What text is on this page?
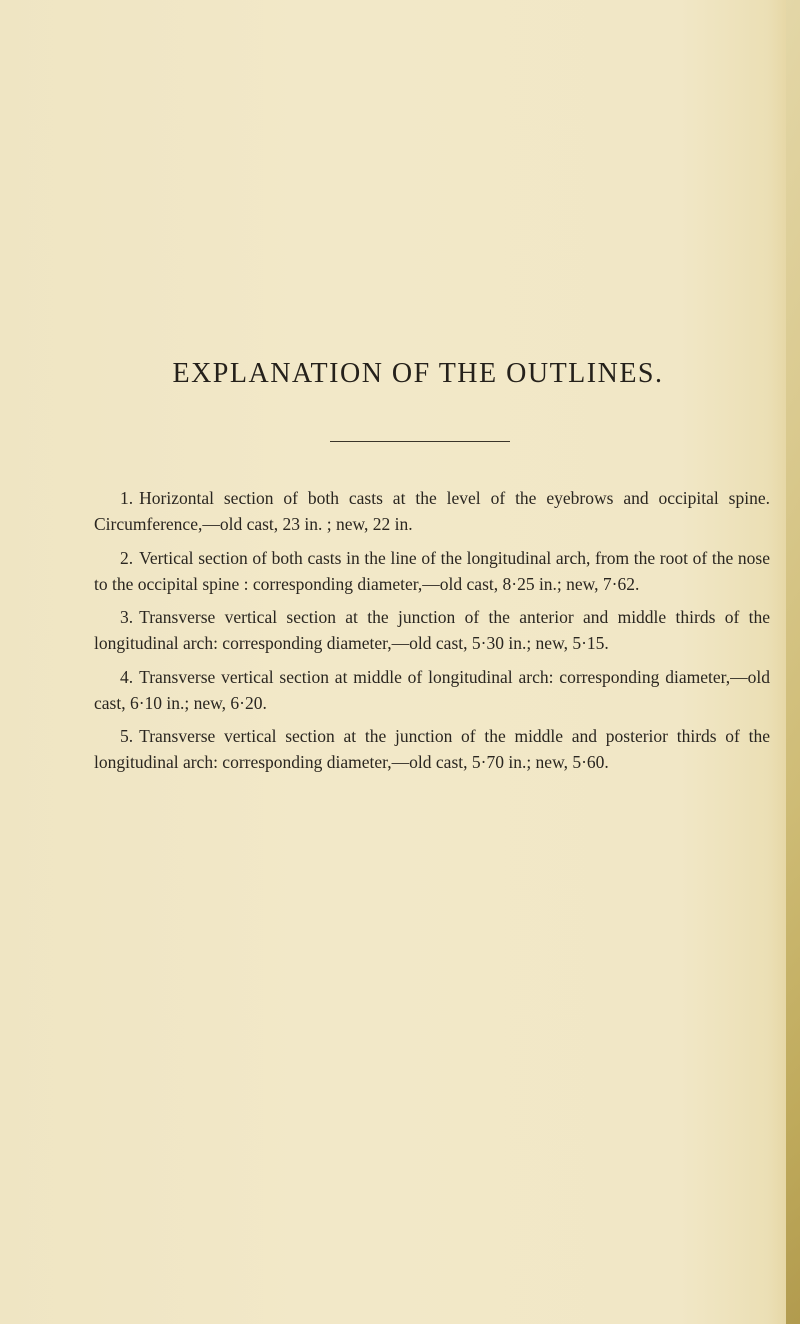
EXPLANATION OF THE OUTLINES.

1. Horizontal section of both casts at the level of the eyebrows and occipital spine. Circumference,—old cast, 23 in. ; new, 22 in.

2. Vertical section of both casts in the line of the longitudinal arch, from the root of the nose to the occipital spine : corresponding diameter,—old cast, 8·25 in.; new, 7·62.

3. Transverse vertical section at the junction of the anterior and middle thirds of the longitudinal arch: corresponding diameter,—old cast, 5·30 in.; new, 5·15.

4. Transverse vertical section at middle of longitudinal arch: corresponding diameter,—old cast, 6·10 in.; new, 6·20.

5. Transverse vertical section at the junction of the middle and posterior thirds of the longitudinal arch: corresponding diameter,—old cast, 5·70 in.; new, 5·60.
